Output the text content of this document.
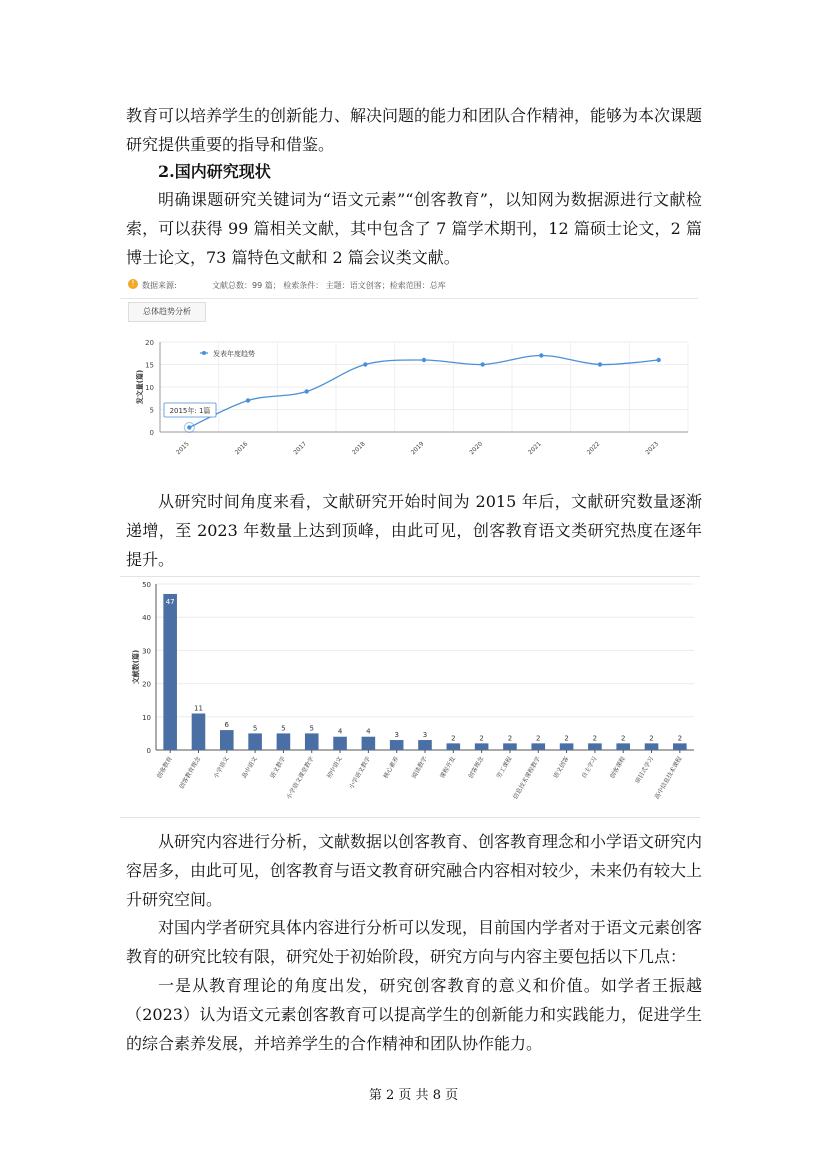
教育可以培养学生的创新能力、解决问题的能力和团队合作精神，能够为本次课题研究提供重要的指导和借鉴。

2.国内研究现状

明确课题研究关键词为“语文元素”“创客教育”，以知网为数据源进行文献检索，可以获得 99 篇相关文献，其中包含了 7 篇学术期刊，12 篇硕士论文，2 篇博士论文，73 篇特色文献和 2 篇会议类文献。

! 数据来源:	文献总数：99 篇； 检索条件： 主题：语文创客；检索范围：总库
总体趋势分析
0
5
10
15
20
发文量(篇)
2015	2016	2017	2018	2019	2020	2021	2022	2023
发表年度趋势
2015年: 1篇

从研究时间角度来看，文献研究开始时间为 2015 年后，文献研究数量逐渐递增，至 2023 年数量上达到顶峰，由此可见，创客教育语文类研究热度在逐年提升。

0
10
20
30
40
50
文献数(篇)
47
创客教育
11
创客教育理念
6
小学语文
5
高中语文
5
语文教学
5
小学语文课堂教学
4
初中语文
4
小学语文教学
3
核心素养
3
阅读教学
2
课程开发
2
创客理念
2
劳工课程
2
信息技术课程教学
2
语文创客
2
自主学习
2
创客课程
2
项目式学习
2
高中信息技术课程

从研究内容进行分析，文献数据以创客教育、创客教育理念和小学语文研究内容居多，由此可见，创客教育与语文教育研究融合内容相对较少，未来仍有较大上升研究空间。

对国内学者研究具体内容进行分析可以发现，目前国内学者对于语文元素创客教育的研究比较有限，研究处于初始阶段，研究方向与内容主要包括以下几点：

一是从教育理论的角度出发，研究创客教育的意义和价值。如学者王振越（2023）认为语文元素创客教育可以提高学生的创新能力和实践能力，促进学生的综合素养发展，并培养学生的合作精神和团队协作能力。

第 2 页 共 8 页
